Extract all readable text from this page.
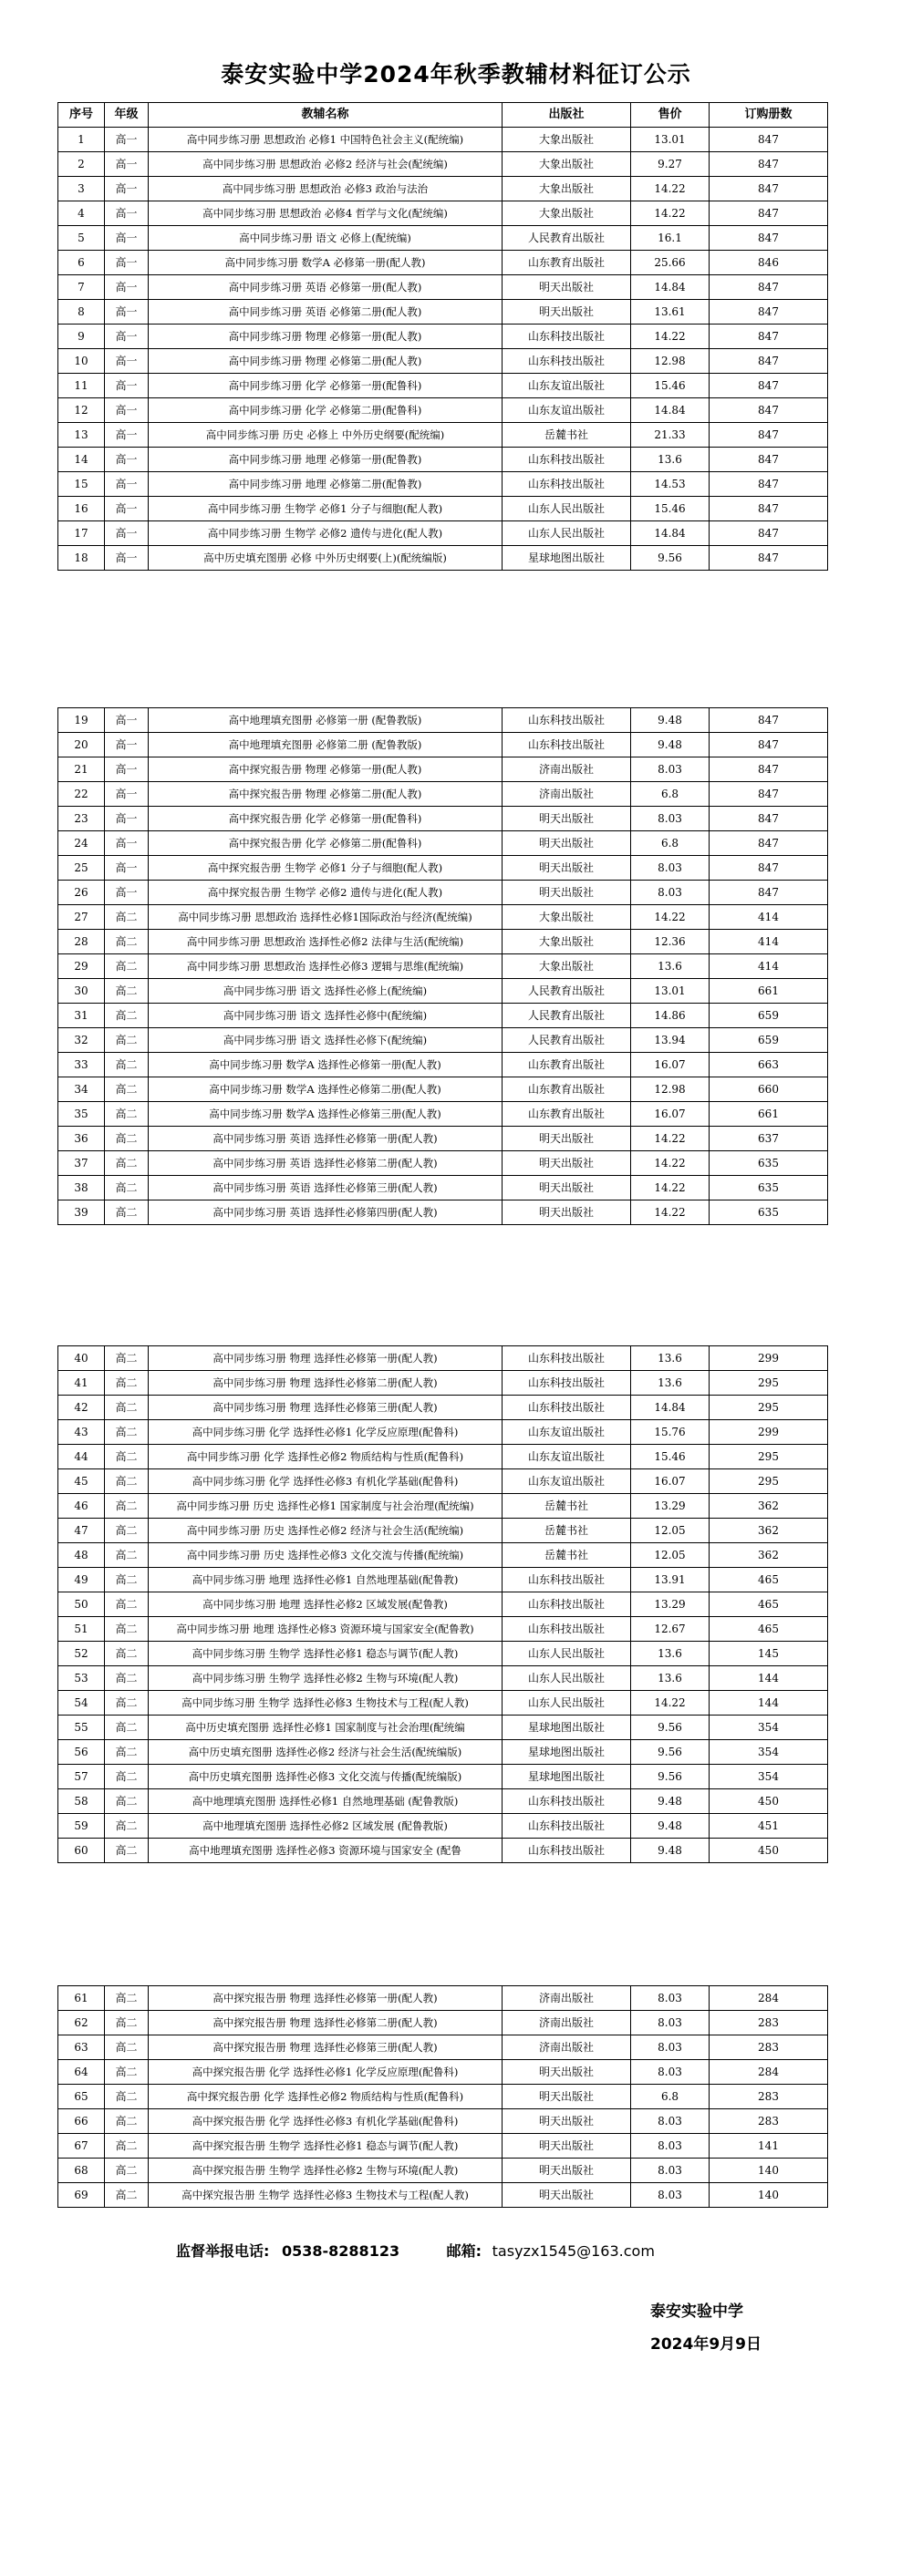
泰安实验中学2024年秋季教辅材料征订公示
序号	年级	教辅名称	出版社	售价	订购册数
1	高一	高中同步练习册 思想政治 必修1 中国特色社会主义(配统编)	大象出版社	13.01	847
2	高一	高中同步练习册 思想政治 必修2 经济与社会(配统编)	大象出版社	9.27	847
3	高一	高中同步练习册 思想政治 必修3 政治与法治	大象出版社	14.22	847
4	高一	高中同步练习册 思想政治 必修4 哲学与文化(配统编)	大象出版社	14.22	847
5	高一	高中同步练习册 语文 必修上(配统编)	人民教育出版社	16.1	847
6	高一	高中同步练习册 数学A 必修第一册(配人教)	山东教育出版社	25.66	846
7	高一	高中同步练习册 英语 必修第一册(配人教)	明天出版社	14.84	847
8	高一	高中同步练习册 英语 必修第二册(配人教)	明天出版社	13.61	847
9	高一	高中同步练习册 物理 必修第一册(配人教)	山东科技出版社	14.22	847
10	高一	高中同步练习册 物理 必修第二册(配人教)	山东科技出版社	12.98	847
11	高一	高中同步练习册 化学 必修第一册(配鲁科)	山东友谊出版社	15.46	847
12	高一	高中同步练习册 化学 必修第二册(配鲁科)	山东友谊出版社	14.84	847
13	高一	高中同步练习册 历史 必修上 中外历史纲要(配统编)	岳麓书社	21.33	847
14	高一	高中同步练习册 地理 必修第一册(配鲁教)	山东科技出版社	13.6	847
15	高一	高中同步练习册 地理 必修第二册(配鲁教)	山东科技出版社	14.53	847
16	高一	高中同步练习册 生物学 必修1 分子与细胞(配人教)	山东人民出版社	15.46	847
17	高一	高中同步练习册 生物学 必修2 遗传与进化(配人教)	山东人民出版社	14.84	847
18	高一	高中历史填充图册 必修 中外历史纲要(上)(配统编版)	星球地图出版社	9.56	847
19	高一	高中地理填充图册 必修第一册 (配鲁教版)	山东科技出版社	9.48	847
20	高一	高中地理填充图册 必修第二册 (配鲁教版)	山东科技出版社	9.48	847
21	高一	高中探究报告册 物理 必修第一册(配人教)	济南出版社	8.03	847
22	高一	高中探究报告册 物理 必修第二册(配人教)	济南出版社	6.8	847
23	高一	高中探究报告册 化学 必修第一册(配鲁科)	明天出版社	8.03	847
24	高一	高中探究报告册 化学 必修第二册(配鲁科)	明天出版社	6.8	847
25	高一	高中探究报告册 生物学 必修1 分子与细胞(配人教)	明天出版社	8.03	847
26	高一	高中探究报告册 生物学 必修2 遗传与进化(配人教)	明天出版社	8.03	847
27	高二	高中同步练习册 思想政治 选择性必修1国际政治与经济(配统编)	大象出版社	14.22	414
28	高二	高中同步练习册 思想政治 选择性必修2 法律与生活(配统编)	大象出版社	12.36	414
29	高二	高中同步练习册 思想政治 选择性必修3 逻辑与思维(配统编)	大象出版社	13.6	414
30	高二	高中同步练习册 语文 选择性必修上(配统编)	人民教育出版社	13.01	661
31	高二	高中同步练习册 语文 选择性必修中(配统编)	人民教育出版社	14.86	659
32	高二	高中同步练习册 语文 选择性必修下(配统编)	人民教育出版社	13.94	659
33	高二	高中同步练习册 数学A 选择性必修第一册(配人教)	山东教育出版社	16.07	663
34	高二	高中同步练习册 数学A 选择性必修第二册(配人教)	山东教育出版社	12.98	660
35	高二	高中同步练习册 数学A 选择性必修第三册(配人教)	山东教育出版社	16.07	661
36	高二	高中同步练习册 英语 选择性必修第一册(配人教)	明天出版社	14.22	637
37	高二	高中同步练习册 英语 选择性必修第二册(配人教)	明天出版社	14.22	635
38	高二	高中同步练习册 英语 选择性必修第三册(配人教)	明天出版社	14.22	635
39	高二	高中同步练习册 英语 选择性必修第四册(配人教)	明天出版社	14.22	635
40	高二	高中同步练习册 物理 选择性必修第一册(配人教)	山东科技出版社	13.6	299
41	高二	高中同步练习册 物理 选择性必修第二册(配人教)	山东科技出版社	13.6	295
42	高二	高中同步练习册 物理 选择性必修第三册(配人教)	山东科技出版社	14.84	295
43	高二	高中同步练习册 化学 选择性必修1 化学反应原理(配鲁科)	山东友谊出版社	15.76	299
44	高二	高中同步练习册 化学 选择性必修2 物质结构与性质(配鲁科)	山东友谊出版社	15.46	295
45	高二	高中同步练习册 化学 选择性必修3 有机化学基础(配鲁科)	山东友谊出版社	16.07	295
46	高二	高中同步练习册 历史 选择性必修1 国家制度与社会治理(配统编)	岳麓书社	13.29	362
47	高二	高中同步练习册 历史 选择性必修2 经济与社会生活(配统编)	岳麓书社	12.05	362
48	高二	高中同步练习册 历史 选择性必修3 文化交流与传播(配统编)	岳麓书社	12.05	362
49	高二	高中同步练习册 地理 选择性必修1 自然地理基础(配鲁教)	山东科技出版社	13.91	465
50	高二	高中同步练习册 地理 选择性必修2 区域发展(配鲁教)	山东科技出版社	13.29	465
51	高二	高中同步练习册 地理 选择性必修3 资源环境与国家安全(配鲁教)	山东科技出版社	12.67	465
52	高二	高中同步练习册 生物学 选择性必修1 稳态与调节(配人教)	山东人民出版社	13.6	145
53	高二	高中同步练习册 生物学 选择性必修2 生物与环境(配人教)	山东人民出版社	13.6	144
54	高二	高中同步练习册 生物学 选择性必修3 生物技术与工程(配人教)	山东人民出版社	14.22	144
55	高二	高中历史填充图册 选择性必修1 国家制度与社会治理(配统编	星球地图出版社	9.56	354
56	高二	高中历史填充图册 选择性必修2 经济与社会生活(配统编版)	星球地图出版社	9.56	354
57	高二	高中历史填充图册 选择性必修3 文化交流与传播(配统编版)	星球地图出版社	9.56	354
58	高二	高中地理填充图册 选择性必修1 自然地理基础 (配鲁教版)	山东科技出版社	9.48	450
59	高二	高中地理填充图册 选择性必修2 区域发展 (配鲁教版)	山东科技出版社	9.48	451
60	高二	高中地理填充图册 选择性必修3 资源环境与国家安全 (配鲁	山东科技出版社	9.48	450
61	高二	高中探究报告册 物理 选择性必修第一册(配人教)	济南出版社	8.03	284
62	高二	高中探究报告册 物理 选择性必修第二册(配人教)	济南出版社	8.03	283
63	高二	高中探究报告册 物理 选择性必修第三册(配人教)	济南出版社	8.03	283
64	高二	高中探究报告册 化学 选择性必修1 化学反应原理(配鲁科)	明天出版社	8.03	284
65	高二	高中探究报告册 化学 选择性必修2 物质结构与性质(配鲁科)	明天出版社	6.8	283
66	高二	高中探究报告册 化学 选择性必修3 有机化学基础(配鲁科)	明天出版社	8.03	283
67	高二	高中探究报告册 生物学 选择性必修1 稳态与调节(配人教)	明天出版社	8.03	141
68	高二	高中探究报告册 生物学 选择性必修2 生物与环境(配人教)	明天出版社	8.03	140
69	高二	高中探究报告册 生物学 选择性必修3 生物技术与工程(配人教)	明天出版社	8.03	140
监督举报电话: 0538-8288123	邮箱: tasyzx1545@163.com
泰安实验中学
2024年9月9日
